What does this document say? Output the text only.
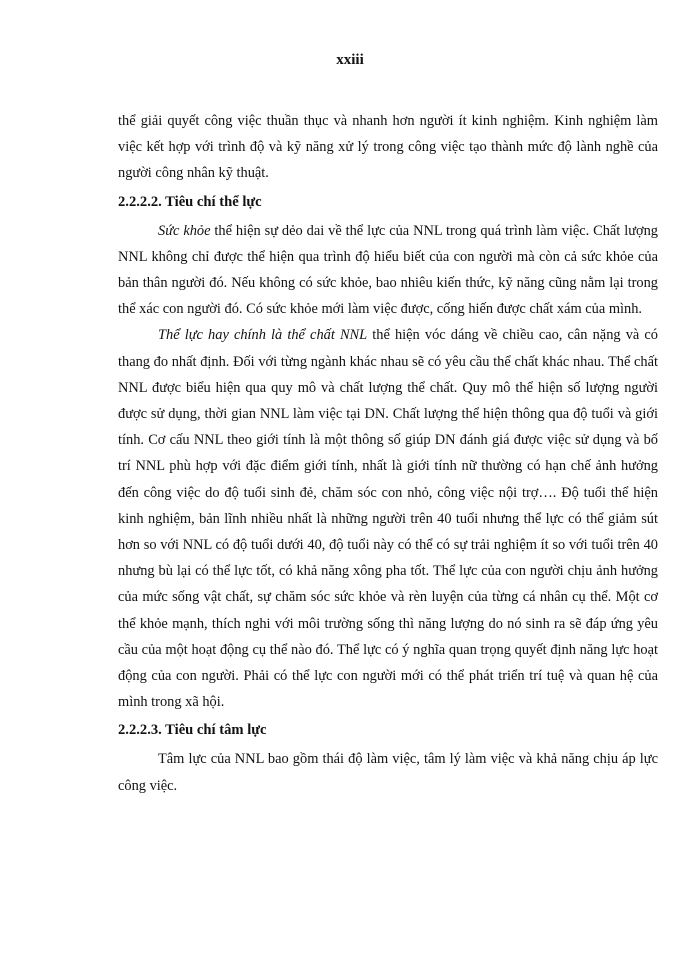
xxiii

thể giải quyết công việc thuần thục và nhanh hơn người ít kinh nghiệm. Kinh nghiệm làm việc kết hợp với trình độ và kỹ năng xử lý trong công việc tạo thành mức độ lành nghề của người công nhân kỹ thuật.

2.2.2.2. Tiêu chí thể lực

Sức khỏe thể hiện sự dẻo dai về thể lực của NNL trong quá trình làm việc. Chất lượng NNL không chỉ được thể hiện qua trình độ hiểu biết của con người mà còn cả sức khỏe của bản thân người đó. Nếu không có sức khỏe, bao nhiêu kiến thức, kỹ năng cũng nằm lại trong thể xác con người đó. Có sức khỏe mới làm việc được, cống hiến được chất xám của mình.

Thể lực hay chính là thể chất NNL thể hiện vóc dáng về chiều cao, cân nặng và có thang đo nhất định. Đối với từng ngành khác nhau sẽ có yêu cầu thể chất khác nhau. Thể chất NNL được biểu hiện qua quy mô và chất lượng thể chất. Quy mô thể hiện số lượng người được sử dụng, thời gian NNL làm việc tại DN. Chất lượng thể hiện thông qua độ tuổi và giới tính. Cơ cấu NNL theo giới tính là một thông số giúp DN đánh giá được việc sử dụng và bố trí NNL phù hợp với đặc điểm giới tính, nhất là giới tính nữ thường có hạn chế ảnh hưởng đến công việc do độ tuổi sinh đẻ, chăm sóc con nhỏ, công việc nội trợ…. Độ tuổi thể hiện kinh nghiệm, bản lĩnh nhiều nhất là những người trên 40 tuổi nhưng thể lực có thể giảm sút hơn so với NNL có độ tuổi dưới 40, độ tuổi này có thể có sự trải nghiệm ít so với tuổi trên 40 nhưng bù lại có thể lực tốt, có khả năng xông pha tốt. Thể lực của con người chịu ảnh hưởng của mức sống vật chất, sự chăm sóc sức khỏe và rèn luyện của từng cá nhân cụ thể. Một cơ thể khỏe mạnh, thích nghi với môi trường sống thì năng lượng do nó sinh ra sẽ đáp ứng yêu cầu của một hoạt động cụ thể nào đó. Thể lực có ý nghĩa quan trọng quyết định năng lực hoạt động của con người. Phải có thể lực con người mới có thể phát triển trí tuệ và quan hệ của mình trong xã hội.

2.2.2.3. Tiêu chí tâm lực

Tâm lực của NNL bao gồm thái độ làm việc, tâm lý làm việc và khả năng chịu áp lực công việc.
